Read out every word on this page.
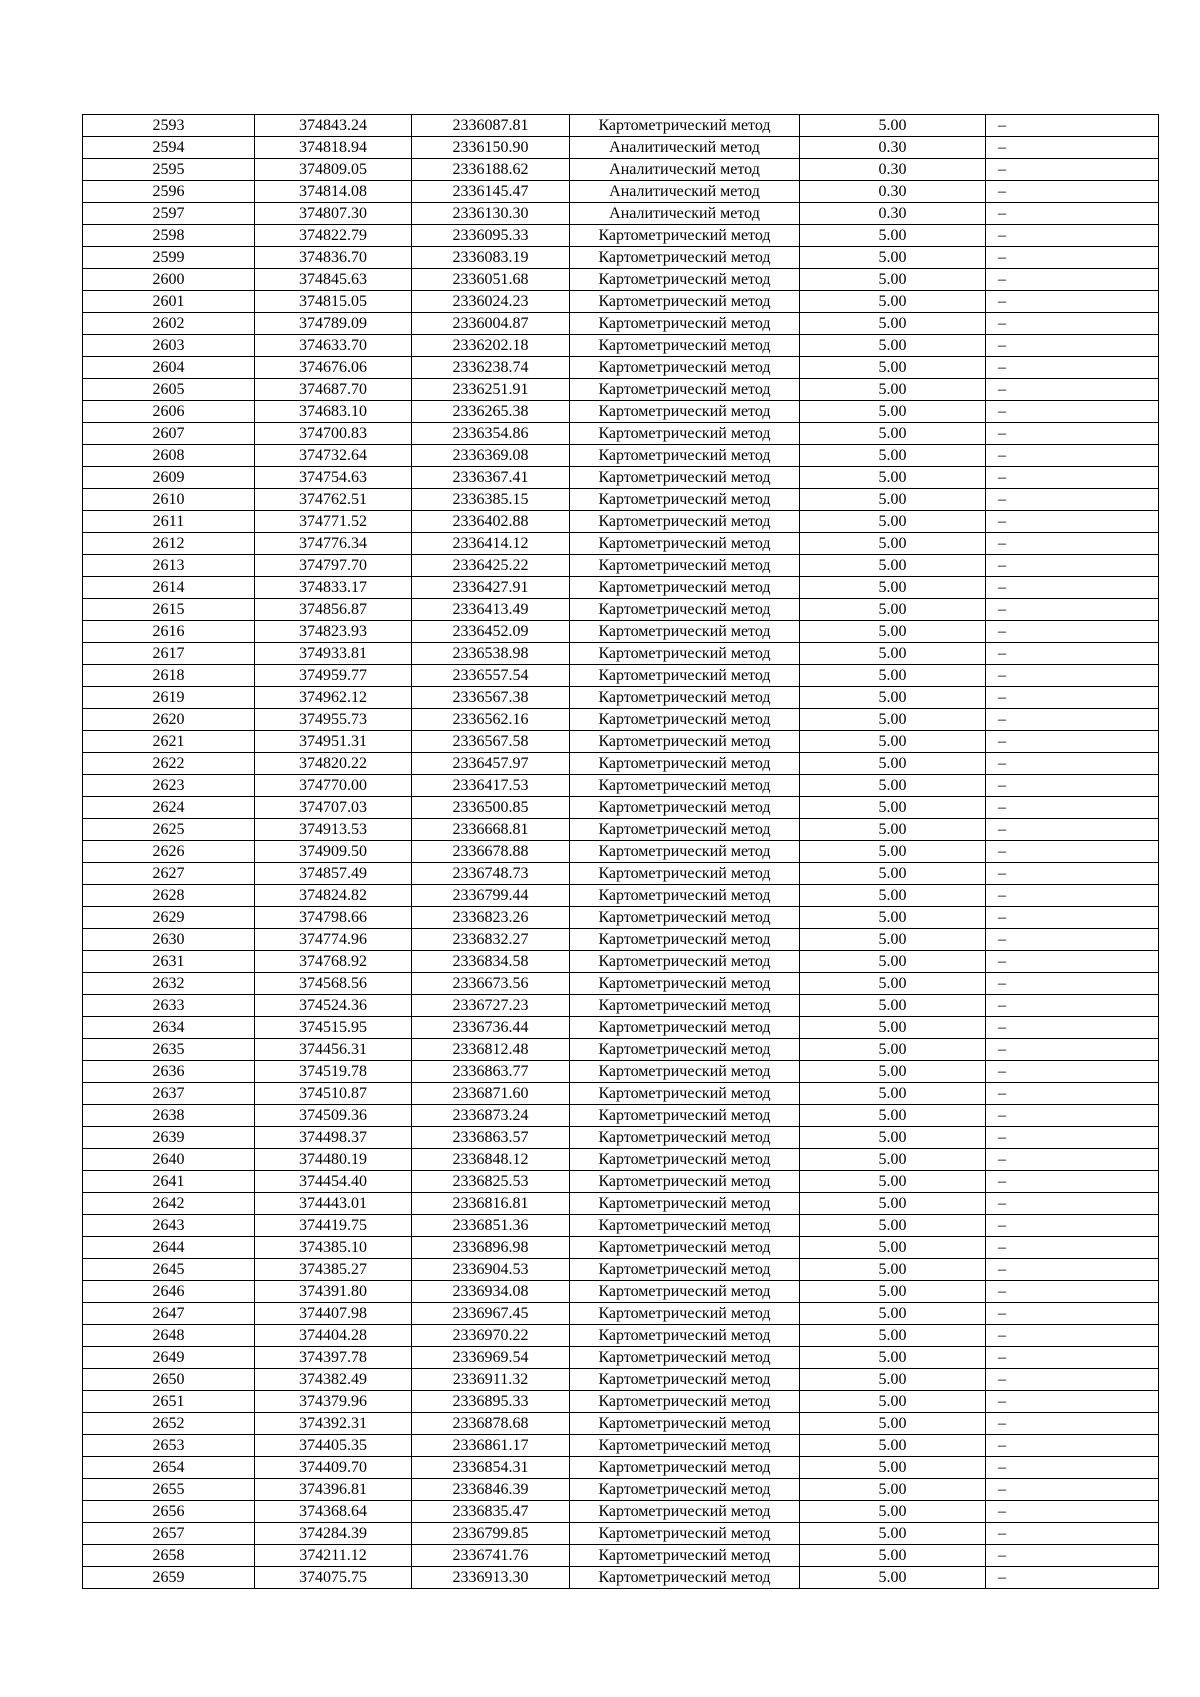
2593	374843.24	2336087.81	Картометрический метод	5.00	–
2594	374818.94	2336150.90	Аналитический метод	0.30	–
2595	374809.05	2336188.62	Аналитический метод	0.30	–
2596	374814.08	2336145.47	Аналитический метод	0.30	–
2597	374807.30	2336130.30	Аналитический метод	0.30	–
2598	374822.79	2336095.33	Картометрический метод	5.00	–
2599	374836.70	2336083.19	Картометрический метод	5.00	–
2600	374845.63	2336051.68	Картометрический метод	5.00	–
2601	374815.05	2336024.23	Картометрический метод	5.00	–
2602	374789.09	2336004.87	Картометрический метод	5.00	–
2603	374633.70	2336202.18	Картометрический метод	5.00	–
2604	374676.06	2336238.74	Картометрический метод	5.00	–
2605	374687.70	2336251.91	Картометрический метод	5.00	–
2606	374683.10	2336265.38	Картометрический метод	5.00	–
2607	374700.83	2336354.86	Картометрический метод	5.00	–
2608	374732.64	2336369.08	Картометрический метод	5.00	–
2609	374754.63	2336367.41	Картометрический метод	5.00	–
2610	374762.51	2336385.15	Картометрический метод	5.00	–
2611	374771.52	2336402.88	Картометрический метод	5.00	–
2612	374776.34	2336414.12	Картометрический метод	5.00	–
2613	374797.70	2336425.22	Картометрический метод	5.00	–
2614	374833.17	2336427.91	Картометрический метод	5.00	–
2615	374856.87	2336413.49	Картометрический метод	5.00	–
2616	374823.93	2336452.09	Картометрический метод	5.00	–
2617	374933.81	2336538.98	Картометрический метод	5.00	–
2618	374959.77	2336557.54	Картометрический метод	5.00	–
2619	374962.12	2336567.38	Картометрический метод	5.00	–
2620	374955.73	2336562.16	Картометрический метод	5.00	–
2621	374951.31	2336567.58	Картометрический метод	5.00	–
2622	374820.22	2336457.97	Картометрический метод	5.00	–
2623	374770.00	2336417.53	Картометрический метод	5.00	–
2624	374707.03	2336500.85	Картометрический метод	5.00	–
2625	374913.53	2336668.81	Картометрический метод	5.00	–
2626	374909.50	2336678.88	Картометрический метод	5.00	–
2627	374857.49	2336748.73	Картометрический метод	5.00	–
2628	374824.82	2336799.44	Картометрический метод	5.00	–
2629	374798.66	2336823.26	Картометрический метод	5.00	–
2630	374774.96	2336832.27	Картометрический метод	5.00	–
2631	374768.92	2336834.58	Картометрический метод	5.00	–
2632	374568.56	2336673.56	Картометрический метод	5.00	–
2633	374524.36	2336727.23	Картометрический метод	5.00	–
2634	374515.95	2336736.44	Картометрический метод	5.00	–
2635	374456.31	2336812.48	Картометрический метод	5.00	–
2636	374519.78	2336863.77	Картометрический метод	5.00	–
2637	374510.87	2336871.60	Картометрический метод	5.00	–
2638	374509.36	2336873.24	Картометрический метод	5.00	–
2639	374498.37	2336863.57	Картометрический метод	5.00	–
2640	374480.19	2336848.12	Картометрический метод	5.00	–
2641	374454.40	2336825.53	Картометрический метод	5.00	–
2642	374443.01	2336816.81	Картометрический метод	5.00	–
2643	374419.75	2336851.36	Картометрический метод	5.00	–
2644	374385.10	2336896.98	Картометрический метод	5.00	–
2645	374385.27	2336904.53	Картометрический метод	5.00	–
2646	374391.80	2336934.08	Картометрический метод	5.00	–
2647	374407.98	2336967.45	Картометрический метод	5.00	–
2648	374404.28	2336970.22	Картометрический метод	5.00	–
2649	374397.78	2336969.54	Картометрический метод	5.00	–
2650	374382.49	2336911.32	Картометрический метод	5.00	–
2651	374379.96	2336895.33	Картометрический метод	5.00	–
2652	374392.31	2336878.68	Картометрический метод	5.00	–
2653	374405.35	2336861.17	Картометрический метод	5.00	–
2654	374409.70	2336854.31	Картометрический метод	5.00	–
2655	374396.81	2336846.39	Картометрический метод	5.00	–
2656	374368.64	2336835.47	Картометрический метод	5.00	–
2657	374284.39	2336799.85	Картометрический метод	5.00	–
2658	374211.12	2336741.76	Картометрический метод	5.00	–
2659	374075.75	2336913.30	Картометрический метод	5.00	–
